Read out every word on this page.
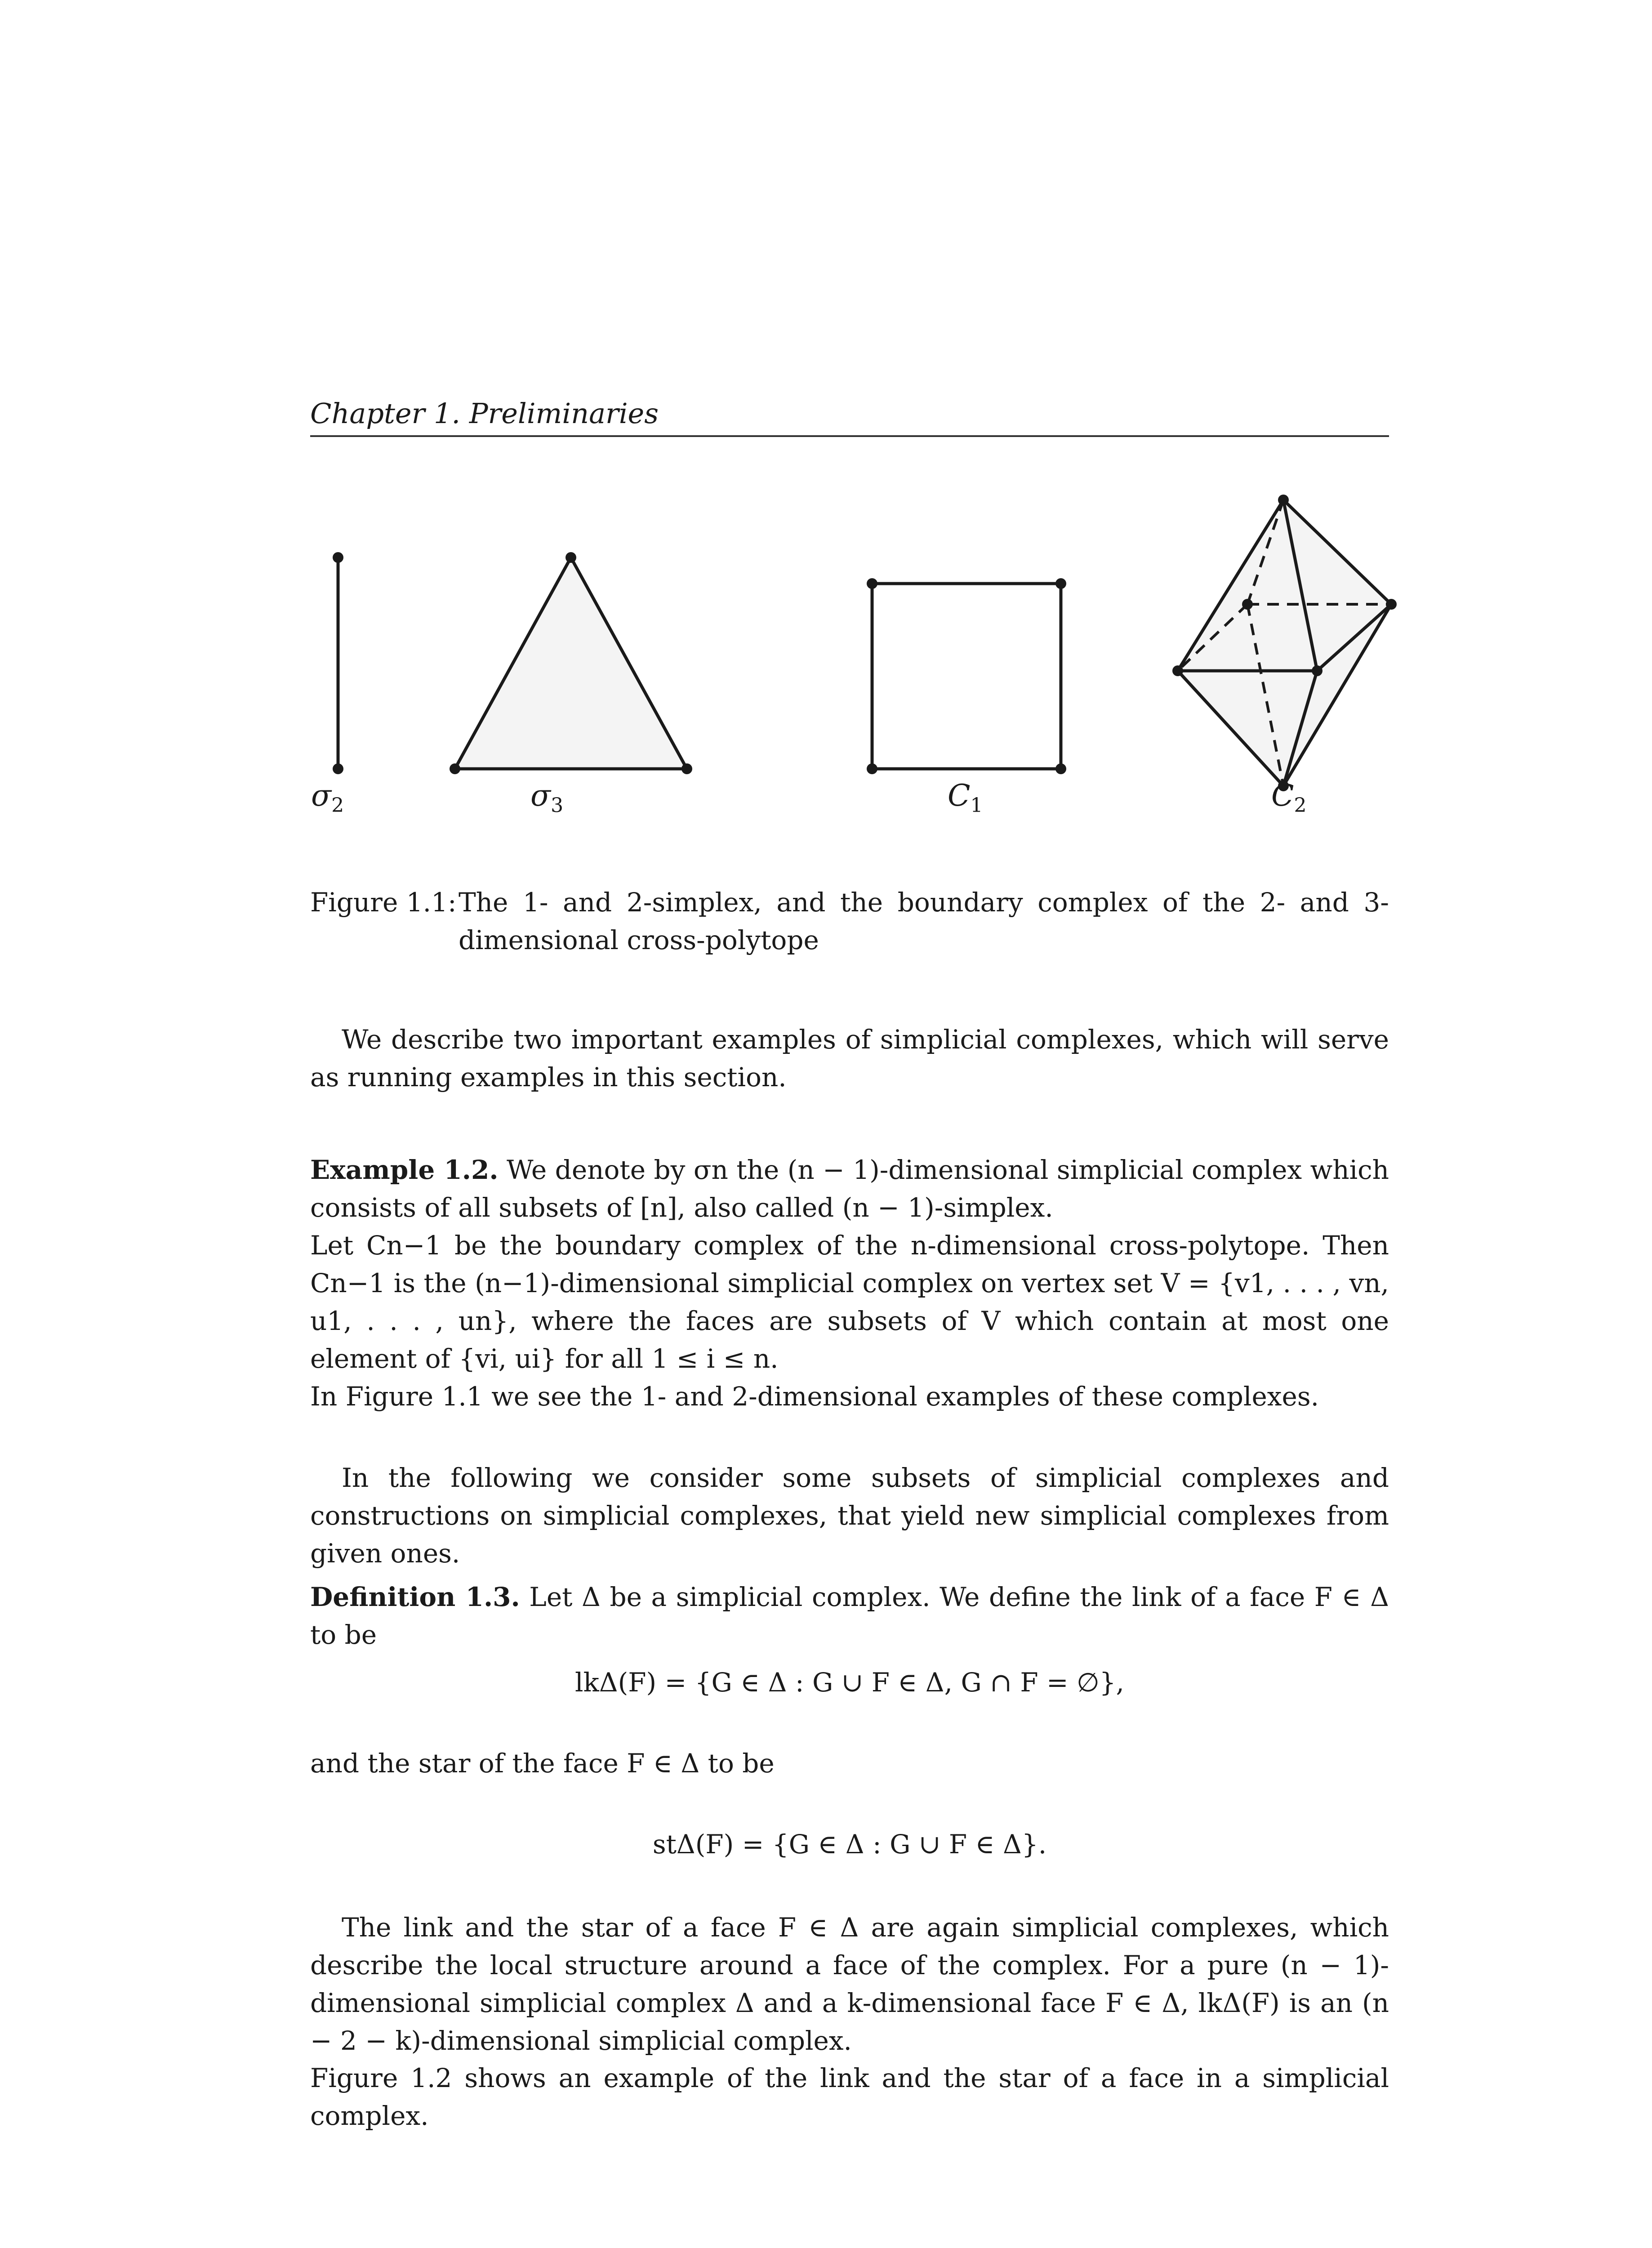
Chapter 1. Preliminaries
$\sigma_2$	$\sigma_3$	$C_1$	$C_2$
Figure 1.1: The 1- and 2-simplex, and the boundary complex of the 2- and 3-dimensional cross-polytope
We describe two important examples of simplicial complexes, which will serve as running examples in this section.
Example 1.2. We denote by σn the (n − 1)-dimensional simplicial complex which consists of all subsets of [n], also called (n − 1)-simplex.
Let Cn−1 be the boundary complex of the n-dimensional cross-polytope. Then Cn−1 is the (n−1)-dimensional simplicial complex on vertex set V = {v1, . . . , vn, u1, . . . , un}, where the faces are subsets of V which contain at most one element of {vi, ui} for all 1 ≤ i ≤ n.
In Figure 1.1 we see the 1- and 2-dimensional examples of these complexes.
In the following we consider some subsets of simplicial complexes and constructions on simplicial complexes, that yield new simplicial complexes from given ones.
Definition 1.3. Let Δ be a simplicial complex. We define the link of a face F ∈ Δ to be
lkΔ(F) = {G ∈ Δ : G ∪ F ∈ Δ, G ∩ F = ∅},
and the star of the face F ∈ Δ to be
stΔ(F) = {G ∈ Δ : G ∪ F ∈ Δ}.
The link and the star of a face F ∈ Δ are again simplicial complexes, which describe the local structure around a face of the complex. For a pure (n − 1)-dimensional simplicial complex Δ and a k-dimensional face F ∈ Δ, lkΔ(F) is an (n − 2 − k)-dimensional simplicial complex.
Figure 1.2 shows an example of the link and the star of a face in a simplicial complex.
